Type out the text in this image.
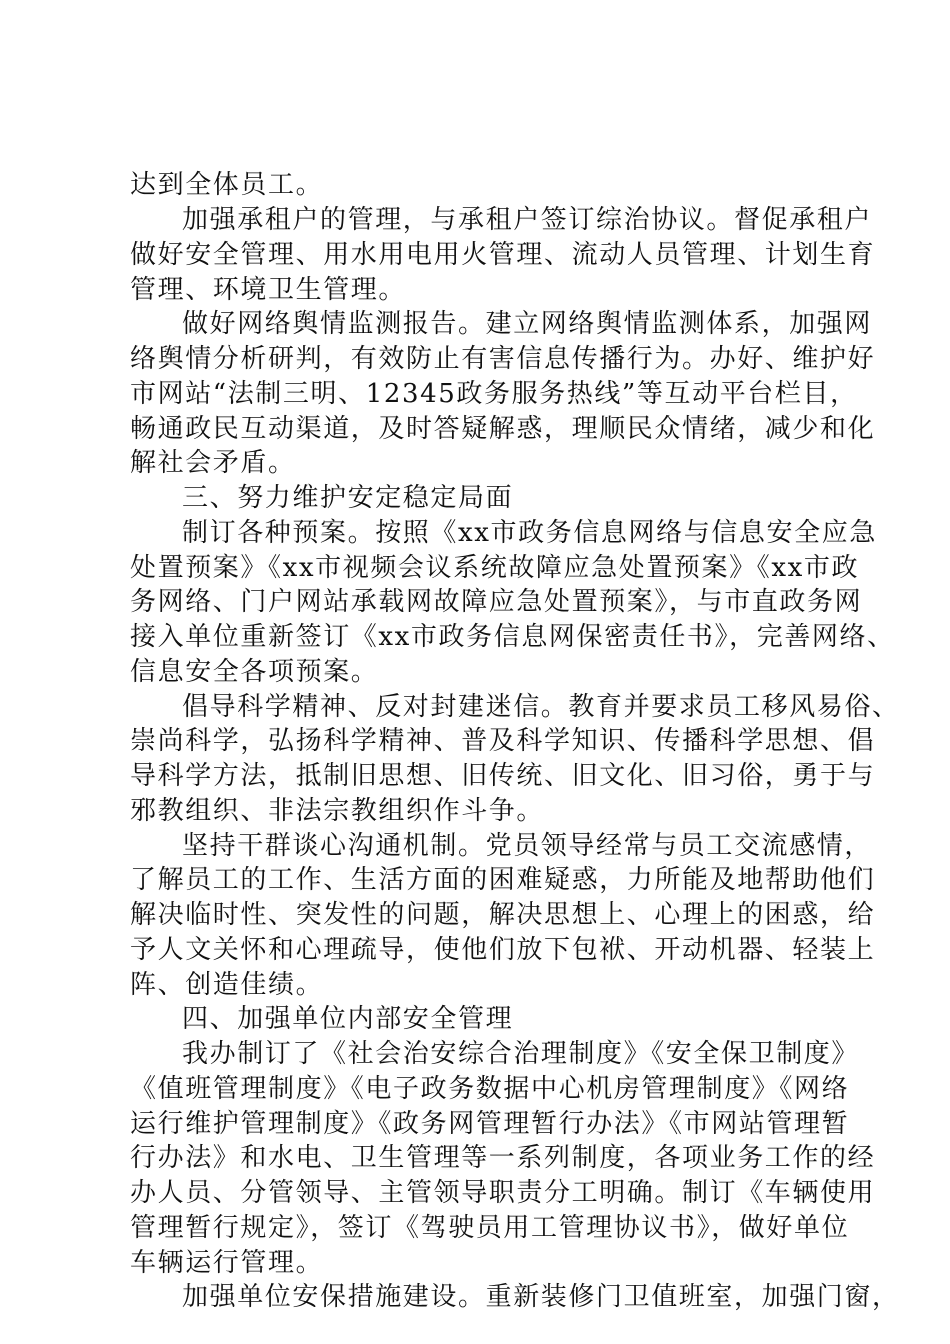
达到全体员工。
加强承租户的管理，与承租户签订综治协议。督促承租户
做好安全管理、用水用电用火管理、流动人员管理、计划生育
管理、环境卫生管理。
做好网络舆情监测报告。建立网络舆情监测体系，加强网
络舆情分析研判，有效防止有害信息传播行为。办好、维护好
市网站“法制三明、12345政务服务热线”等互动平台栏目，
畅通政民互动渠道，及时答疑解惑，理顺民众情绪，减少和化
解社会矛盾。
三、努力维护安定稳定局面
制订各种预案。按照《xx市政务信息网络与信息安全应急
处置预案》《xx市视频会议系统故障应急处置预案》《xx市政
务网络、门户网站承载网故障应急处置预案》，与市直政务网
接入单位重新签订《xx市政务信息网保密责任书》，完善网络、
信息安全各项预案。
倡导科学精神、反对封建迷信。教育并要求员工移风易俗、
崇尚科学，弘扬科学精神、普及科学知识、传播科学思想、倡
导科学方法，抵制旧思想、旧传统、旧文化、旧习俗，勇于与
邪教组织、非法宗教组织作斗争。
坚持干群谈心沟通机制。党员领导经常与员工交流感情，
了解员工的工作、生活方面的困难疑惑，力所能及地帮助他们
解决临时性、突发性的问题，解决思想上、心理上的困惑，给
予人文关怀和心理疏导，使他们放下包袱、开动机器、轻装上
阵、创造佳绩。
四、加强单位内部安全管理
我办制订了《社会治安综合治理制度》《安全保卫制度》
《值班管理制度》《电子政务数据中心机房管理制度》《网络
运行维护管理制度》《政务网管理暂行办法》《市网站管理暂
行办法》和水电、卫生管理等一系列制度，各项业务工作的经
办人员、分管领导、主管领导职责分工明确。制订《车辆使用
管理暂行规定》，签订《驾驶员用工管理协议书》，做好单位
车辆运行管理。
加强单位安保措施建设。重新装修门卫值班室，加强门窗，
